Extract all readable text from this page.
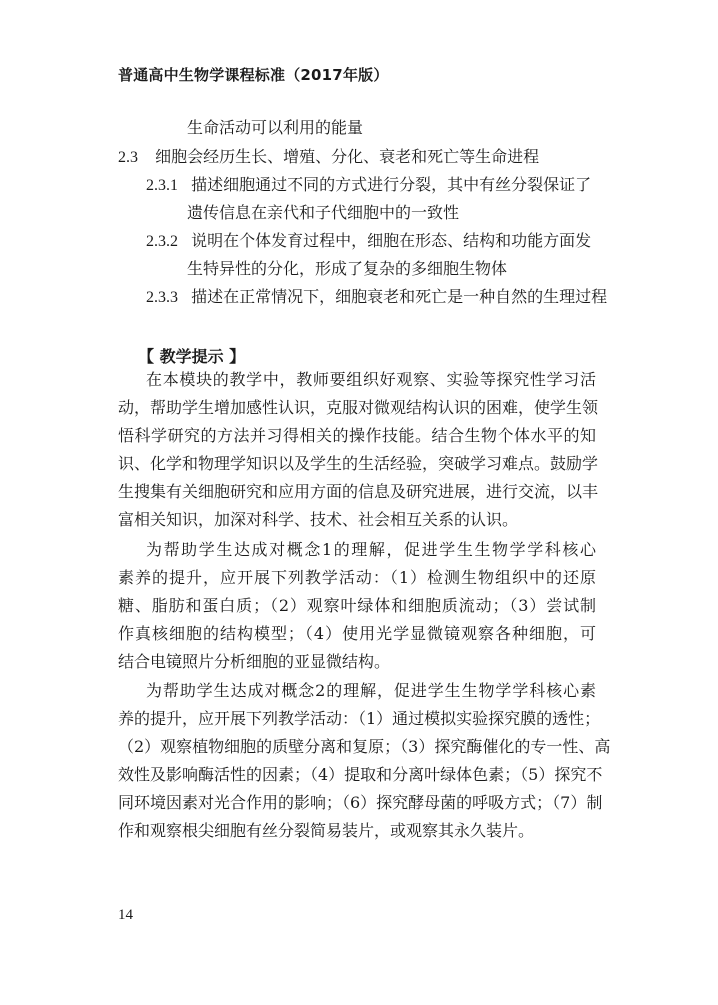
普通高中生物学课程标准（2017年版）
生命活动可以利用的能量
2.3 细胞会经历生长、增殖、分化、衰老和死亡等生命进程
2.3.1 描述细胞通过不同的方式进行分裂，其中有丝分裂保证了
遗传信息在亲代和子代细胞中的一致性
2.3.2 说明在个体发育过程中，细胞在形态、结构和功能方面发
生特异性的分化，形成了复杂的多细胞生物体
2.3.3 描述在正常情况下，细胞衰老和死亡是一种自然的生理过程
【 教学提示 】
在本模块的教学中，教师要组织好观察、实验等探究性学习活
动，帮助学生增加感性认识，克服对微观结构认识的困难，使学生领
悟科学研究的方法并习得相关的操作技能。结合生物个体水平的知
识、化学和物理学知识以及学生的生活经验，突破学习难点。鼓励学
生搜集有关细胞研究和应用方面的信息及研究进展，进行交流，以丰
富相关知识，加深对科学、技术、社会相互关系的认识。
为帮助学生达成对概念1的理解，促进学生生物学学科核心
素养的提升，应开展下列教学活动：（1）检测生物组织中的还原
糖、脂肪和蛋白质；（2）观察叶绿体和细胞质流动；（3）尝试制
作真核细胞的结构模型；（4）使用光学显微镜观察各种细胞，可
结合电镜照片分析细胞的亚显微结构。
为帮助学生达成对概念2的理解，促进学生生物学学科核心素
养的提升，应开展下列教学活动：（1）通过模拟实验探究膜的透性；
（2）观察植物细胞的质壁分离和复原；（3）探究酶催化的专一性、高
效性及影响酶活性的因素；（4）提取和分离叶绿体色素；（5）探究不
同环境因素对光合作用的影响；（6）探究酵母菌的呼吸方式；（7）制
作和观察根尖细胞有丝分裂简易装片，或观察其永久装片。
14
